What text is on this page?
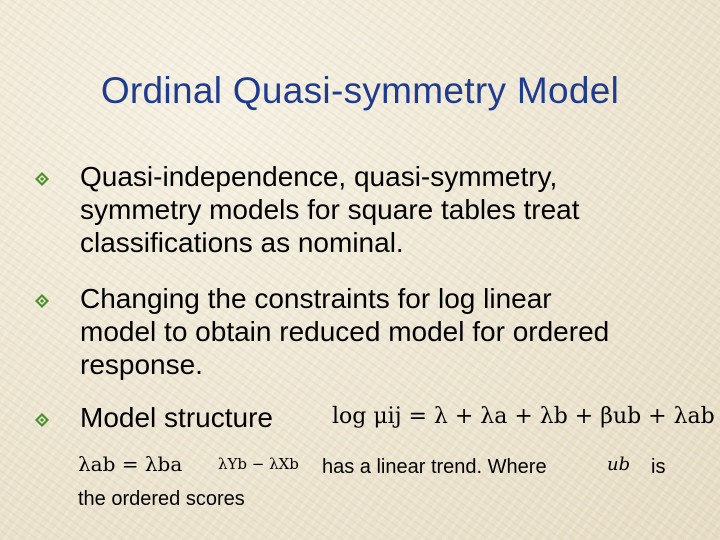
Ordinal Quasi-symmetry Model
Quasi-independence, quasi-symmetry,
symmetry models for square tables treat
classifications as nominal.
Changing the constraints for log linear
model to obtain reduced model for ordered
response.
Model structure	log μij = λ + λa + λb + βub + λab
λab = λba λYb − λXb has a linear trend. Where	ub is
the ordered scores
